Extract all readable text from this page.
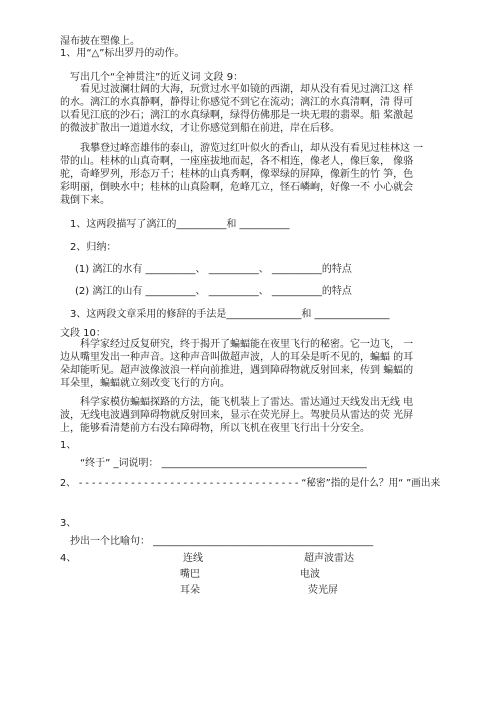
湿布披在塑像上。
1、用“△”标出罗丹的动作。
写出几个“全神贯注”的近义词 文段 9：
看见过波澜壮阔的大海，玩赏过水平如镜的西湖，却从没有看见过漓江这 样
的水。漓江的水真静啊，静得让你感觉不到它在流动；漓江的水真清啊，清 得可
以看见江底的沙石；漓江的水真绿啊，绿得仿佛那是一块无瑕的翡翠。船 桨激起
的微波扩散出一道道水纹，才让你感觉到船在前进，岸在后移。
我攀登过峰峦雄伟的泰山，游览过红叶似火的香山，却从没有看见过桂林这 一
带的山。桂林的山真奇啊，一座座拔地而起，各不相连，像老人，像巨象， 像骆
驼，奇峰罗列，形态万千；桂林的山真秀啊，像翠绿的屏障，像新生的竹 笋，色
彩明丽，倒映水中；桂林的山真险啊，危峰兀立，怪石嶙峋，好像一不 小心就会
栽倒下来。
1、这两段描写了漓江的__________和 __________
2、归纳：
(1) 漓江的水有 __________、 __________、 __________的特点
(2) 漓江的山有 __________、 __________、 __________的特点
3、这两段文章采用的修辞的手法是_______________和 _______________
文段 10：
科学家经过反复研究，终于揭开了蝙蝠能在夜里飞行的秘密。它一边飞， 一
边从嘴里发出一种声音。这种声音叫做超声波，人的耳朵是听不见的，蝙蝠 的耳
朵却能听见。超声波像波浪一样向前推进，遇到障碍物就反射回来，传到 蝙蝠的
耳朵里，蝙蝠就立刻改变飞行的方向。
科学家模仿蝙蝠探路的方法，能飞机装上了雷达。雷达通过天线发出无线 电
波，无线电波遇到障碍物就反射回来，显示在荧光屏上。驾驶员从雷达的荧 光屏
上，能够看清楚前方右没右障碍物，所以飞机在夜里飞行出十分安全。
1、
“终于” _词说明： _________________________________________
2、 - - - - - - - - - - - - - - - - - - - - - - - - - - - - - - - - - - “秘密”指的是什么？用“ ”画出来
3、
抄出一个比喻句： ____________________________________________
4、	连线	超声波雷达
嘴巴	电波
耳朵	荧光屏
